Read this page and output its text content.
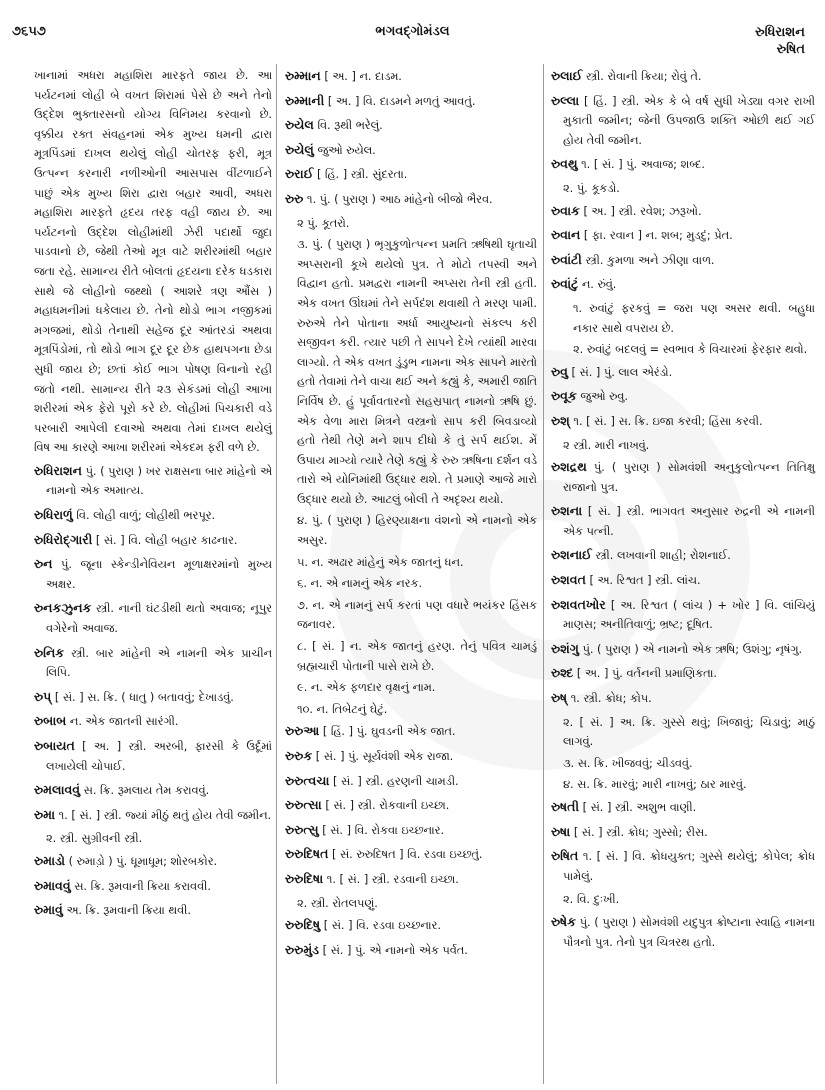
૭૬૫૭	ભગવદ્ગોમંડલ	રુધિરાશન
રુષિત
ખાનામાં અધરા મહાશિરા મારફતે જાય છે. આ પર્યટનમાં લોહી બે વખત શિરામાં પેસે છે અને તેનો ઉદ્દેશ ભુક્તારસનો યોગ્ય વિનિમય કરવાનો છે. વૃક્કીય રક્ત સંવહનમાં એક મુખ્ય ધમની દ્વારા મૂત્રપિંડમાં દાખલ થયેલું લોહી ચોતરફ ફરી, મૂત્ર ઉત્પન્ન કરનારી નળીઓની આસપાસ વીંટળાઈને પાછું એક મુખ્ય શિરા દ્વારા બહાર આવી, અધરા મહાશિરા મારફતે હૃદય તરફ વહી જાય છે. આ પર્યટનનો ઉદ્દેશ લોહીમાંથી ઝેરી પદાર્થો જુદા પાડવાનો છે, જેથી તેઓ મૂત્ર વાટે શરીરમાંથી બહાર જતા રહે. સામાન્ય રીતે બોલતાં હૃદયના દરેક ધડકારા સાથે જે લોહીનો જથ્થો ( આશરે ત્રણ ઔંસ ) મહાધમનીમાં ધકેલાય છે. તેનો થોડો ભાગ નજીકમાં મગજમાં, થોડો તેનાથી સહેજ દૂર આંતરડાં અથવા મૂત્રપિંડોમાં, તો થોડો ભાગ દૂર દૂર છેક હાથપગના છેડા સુધી જાય છે; છતાં કોઈ ભાગ પોષણ વિનાનો રહી જતો નથી. સામાન્ય રીતે ૨૩ સેકંડમાં લોહી આખા શરીરમાં એક ફેરો પૂરો કરે છે. લોહીમાં પિચકારી વડે પરબારી આપેલી દવાઓ અથવા તેમાં દાખલ થયેલું વિષ આ કારણે આખા શરીરમાં એકદમ ફરી વળે છે.
રુધિરાશન પું. ( પુરાણ ) ખર રાક્ષસના બાર માંહેનો એ નામનો એક અમાત્ય.
રુધિરાળું વિ. લોહી વાળું; લોહીથી ભરપૂર.
રુધિરોદ્ગારી [ સં. ] વિ. લોહી બહાર કાઢનાર.
રુન પું. જૂના સ્કેન્ડીનેવિયન મૂળાક્ષરમાંનો મુખ્ય અક્ષર.
રુનકઝુનક સ્ત્રી. નાની ઘંટડીથી થતો અવાજ; નૂપુર વગેરેનો અવાજ.
રુનિક સ્ત્રી. બાર માંહેની એ નામની એક પ્રાચીન લિપિ.
રુપ્ [ સં. ] સ. ક્રિ. ( ધાતુ ) બતાવવું; દેખાડવું.
રુબાબ ન. એક જાતની સારંગી.
રુબાયત [ અ. ] સ્ત્રી. અરબી, ફારસી કે ઉર્દૂમાં લખાયેલી ચોપાઈ.
રુમલાવવું સ. ક્રિ. રૂમલાય તેમ કરાવવું.
રુમા ૧. [ સં. ] સ્ત્રી. જ્યાં મીઠું થતું હોય તેવી જમીન.
૨. સ્ત્રી. સુગ્રીવની સ્ત્રી.
રુમાડો ( રુમાડ઼ો ) પું. ધૂમાધૂમ; શોરબકોર.
રુમાવવું સ. ક્રિ. રૂમવાની ક્રિયા કરાવવી.
રુમાવું અ. ક્રિ. રૂમવાની ક્રિયા થવી.
રુમ્માન [ અ. ] ન. દાડમ.
રુમ્માની [ અ. ] વિ. દાડમને મળતું આવતું.
રુયેલ વિ. રૂથી ભરેલું.
રુયેલું જુઓ રુયેલ.
રુરાઈ [ હિં. ] સ્ત્રી. સુંદરતા.
રુરુ ૧. પું. ( પુરાણ ) આઠ માંહેનો બીજો ભૈરવ.
૨ પું. કૂતરો.
૩. પું. ( પુરાણ ) ભૃગુકુળોત્પન્ન પ્રમતિ ઋષિથી ઘૃતાચી અપ્સરાની કૂખે થયેલો પુત્ર. તે મોટો તપસ્વી અને વિદ્વાન હતો. પ્રમદ્વરા નામની અપ્સરા તેની સ્ત્રી હતી. એક વખત ઊંઘમાં તેને સર્પદંશ થવાથી તે મરણ પામી. રુરુએ તેને પોતાના અર્ધા આયુષ્યનો સંકલ્પ કરી સજીવન કરી. ત્યાર પછી તે સાપને દેખે ત્યાંથી મારવા લાગ્યો. તે એક વખત ડુંડુભ નામના એક સાપને મારતો હતો તેવામાં તેને વાચા થઈ અને કહ્યું કે, અમારી જાતિ નિર્વિષ છે. હું પૂર્વાવતારનો સહસ્રપાત્ નામનો ઋષિ છું. એક વેળા મારા મિત્રને વસ્ત્રનો સાપ કરી બિવડાવ્યો હતો તેથી તેણે મને શાપ દીધો કે તું સર્પ થઈશ. મેં ઉપાય માગ્યો ત્યારે તેણે કહ્યું કે રુરુ ઋષિના દર્શન વડે તારો એ યોનિમાંથી ઉદ્ધાર થશે. તે પ્રમાણે આજે મારો ઉદ્ધાર થયો છે. આટલું બોલી તે અદૃશ્ય થયો.
૪. પું. ( પુરાણ ) હિરણ્યાક્ષના વંશનો એ નામનો એક અસુર.
૫. ન. અઢાર માંહેનું એક જાતનું ધન.
૬. ન. એ નામનું એક નરક.
૭. ન. એ નામનું સર્પ કરતાં પણ વધારે ભયંકર હિંસક જનાવર.
૮. [ સં. ] ન. એક જાતનું હરણ. તેનું પવિત્ર ચામડું બ્રહ્મચારી પોતાની પાસે રાખે છે.
૯. ન. એક ફળદાર વૃક્ષનું નામ.
૧૦. ન. તિબેટનું ઘેટું.
રુરુઆ [ હિં. ] પું. ઘુવડની એક જાત.
રુરુક [ સં. ] પું. સૂર્યવંશી એક રાજા.
રુરુત્વચા [ સં. ] સ્ત્રી. હરણની ચામડી.
રુરુત્સા [ સં. ] સ્ત્રી. રોકવાની ઇચ્છા.
રુરુત્સુ [ સં. ] વિ. રોકવા ઇચ્છનાર.
રુરુદિષત [ સં. રુરુદિષત ] વિ. રડવા ઇચ્છતું.
રુરુદિષા ૧. [ સં. ] સ્ત્રી. રડવાની ઇચ્છા.
૨. સ્ત્રી. રોતલપણું.
રુરુદિષુ [ સં. ] વિ. રડવા ઇચ્છનાર.
રુરુમુંડ [ સં. ] પું. એ નામનો એક પર્વત.
રુલાઈ સ્ત્રી. રોવાની ક્રિયા; રોવું તે.
રુલ્લા [ હિં. ] સ્ત્રી. એક કે બે વર્ષ સુધી ખેડ્યા વગર રાખી મુકાતી જમીન; જેની ઉપજાઉ શક્તિ ઓછી થઈ ગઈ હોય તેવી જમીન.
રુવથુ ૧. [ સં. ] પું. અવાજ; શબ્દ.
૨. પું. કૂકડો.
રુવાક [ અ. ] સ્ત્રી. રવેશ; ઝરૂખો.
રુવાન [ ફા. રવાન ] ન. શબ; મુડદું; પ્રેત.
રુવાંટી સ્ત્રી. કુમળા અને ઝીણા વાળ.
રુવાંટું ન. રુંવું.
૧. રુવાંટું ફરકવું = જરા પણ અસર થવી. બહુધા નકાર સાથે વપરાય છે.
૨. રુવાંટું બદલવું = સ્વભાવ કે વિચારમાં ફેરફાર થવો.
રુવુ [ સં. ] પું. લાલ એરંડો.
રુવૂક જુઓ રુવુ.
રુશ્ ૧. [ સં. ] સ. ક્રિ. ઇજા કરવી; હિંસા કરવી.
૨ સ્ત્રી. મારી નાખવું.
રુશદ્રથ પું. ( પુરાણ ) સોમવંશી અનુકુલોત્પન્ન તિતિક્ષુ રાજાનો પુત્ર.
રુશના [ સં. ] સ્ત્રી. ભાગવત અનુસાર રુદ્રની એ નામની એક પત્ની.
રુશનાઈ સ્ત્રી. લખવાની શાહી; રોશનાઈ.
રુશવત [ અ. રિશ્વત ] સ્ત્રી. લાંચ.
રુશવતખોર [ અ. રિશ્વત ( લાંચ ) + ખોર ] વિ. લાંચિયું માણસ; અનીતિવાળું; ભ્રષ્ટ; દૂષિત.
રુશંગુ પું. ( પુરાણ ) એ નામનો એક ઋષિ; ઉશંગુ; નૃષંગુ.
રુશ્દ [ અ. ] પું. વર્તનની પ્રમાણિકતા.
રુષ્ ૧. સ્ત્રી. ક્રોધ; કોપ.
૨. [ સં. ] અ. ક્રિ. ગુસ્સે થવું; ખિજાવું; ચિડાવું; માઠું લાગવું.
૩. સ. ક્રિ. ખીજવવું; ચીડવવું.
૪. સ. ક્રિ. મારવું; મારી નાખવું; ઠાર મારવું.
રુષતી [ સં. ] સ્ત્રી. અશુભ વાણી.
રુષા [ સં. ] સ્ત્રી. ક્રોધ; ગુસ્સો; રીસ.
રુષિત ૧. [ સં. ] વિ. ક્રોધયુક્ત; ગુસ્સે થયેલું; કોપેલ; ક્રોધ પામેલું.
૨. વિ. દુઃખી.
રુષેક પું. ( પુરાણ ) સોમવંશી યદુપુત્ર ક્રોષ્ટાના સ્વાહિ નામના પૌત્રનો પુત્ર. તેનો પુત્ર ચિત્રરથ હતો.
